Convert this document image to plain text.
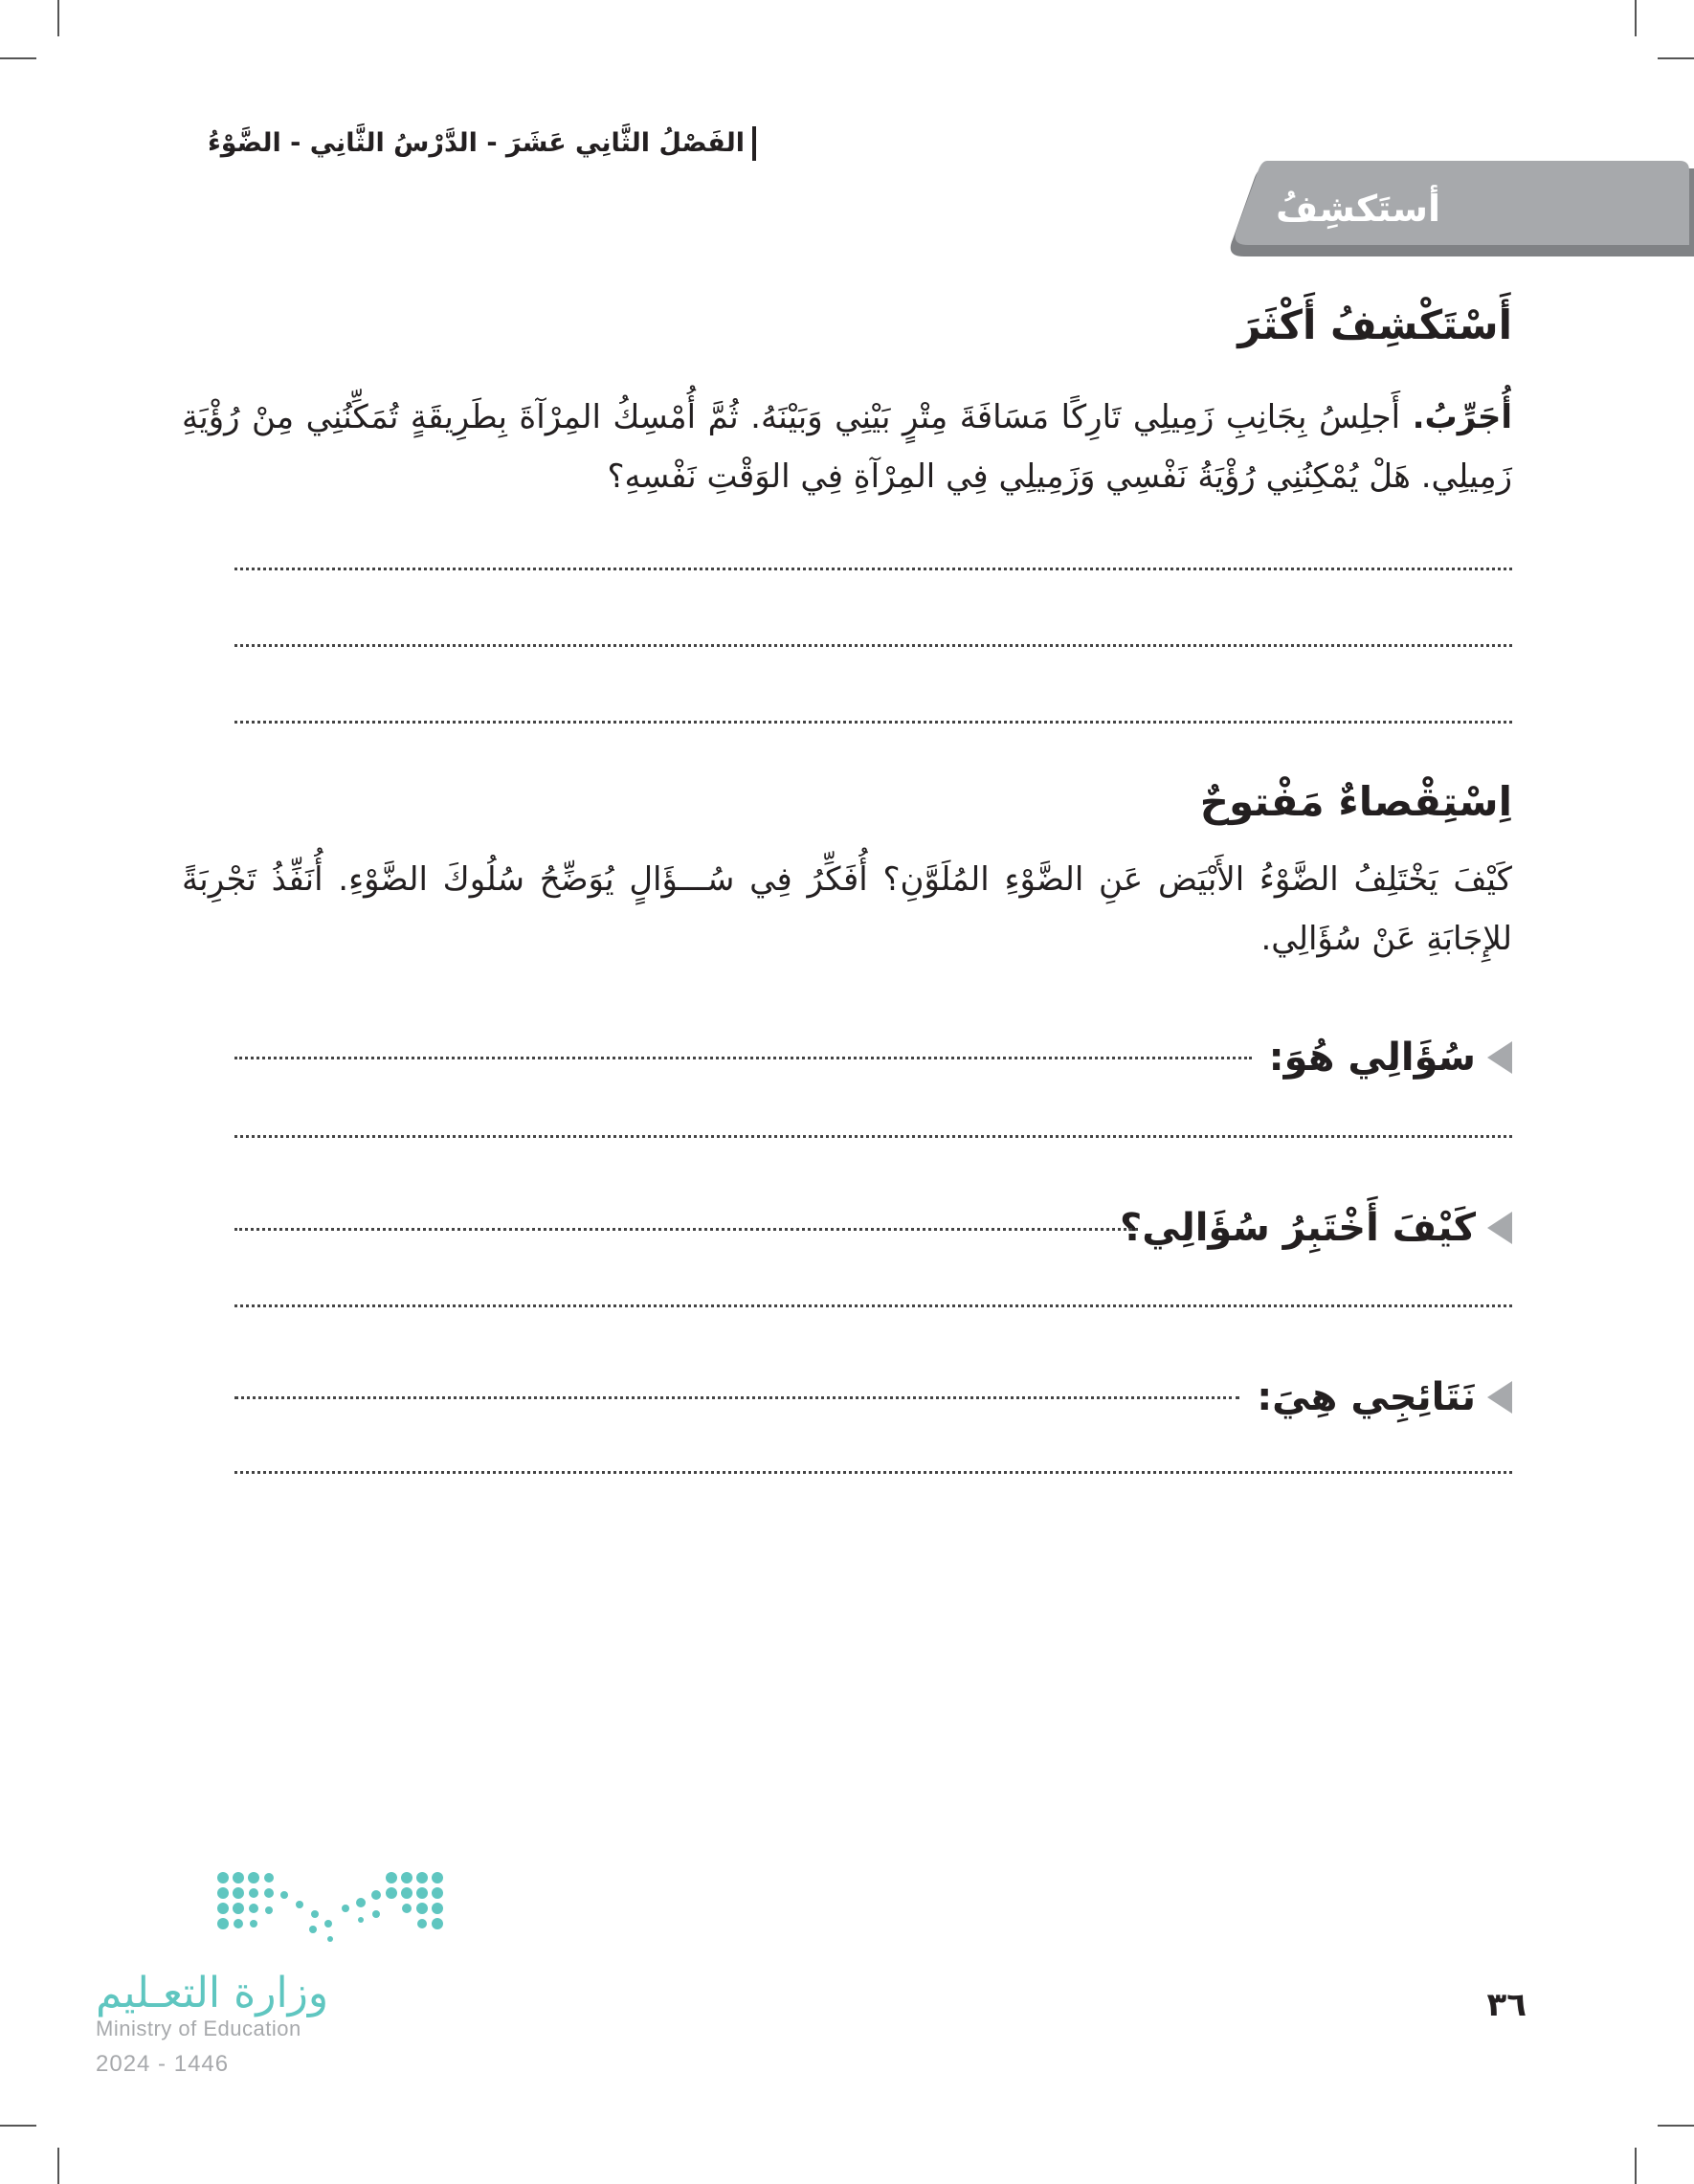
الفَصْلُ الثَّانِي عَشَرَ - الدَّرْسُ الثَّانِي - الضَّوْءُ
أستَكشِفُ
أَسْتَكْشِفُ أَكْثَرَ
أُجَرِّبُ. أَجلِسُ بِجَانِبِ زَمِيلِي تَارِكًا مَسَافَةَ مِتْرٍ بَيْنِي وَبَيْنَهُ. ثُمَّ أُمْسِكُ المِرْآةَ بِطَرِيقَةٍ تُمَكِّنُنِي مِنْ رُؤْيَةِ زَمِيلِي. هَلْ يُمْكِنُنِي رُؤْيَةُ نَفْسِي وَزَمِيلِي فِي المِرْآةِ فِي الوَقْتِ نَفْسِهِ؟
اِسْتِقْصاءٌ مَفْتوحٌ
كَيْفَ يَخْتَلِفُ الضَّوْءُ الأَبْيَض عَنِ الضَّوْءِ المُلَوَّنِ؟ أُفَكِّرُ فِي سُـــؤَالٍ يُوَضِّحُ سُلُوكَ الضَّوْءِ. أُنَفِّذُ تَجْرِبَةً للإِجَابَةِ عَنْ سُؤَالِي.
سُؤَالِي هُوَ:
كَيْفَ أَخْتَبِرُ سُؤَالِي؟
نَتَائِجِي هِيَ:
٣٦
وزارة التعـليم
Ministry of Education
2024 - 1446
